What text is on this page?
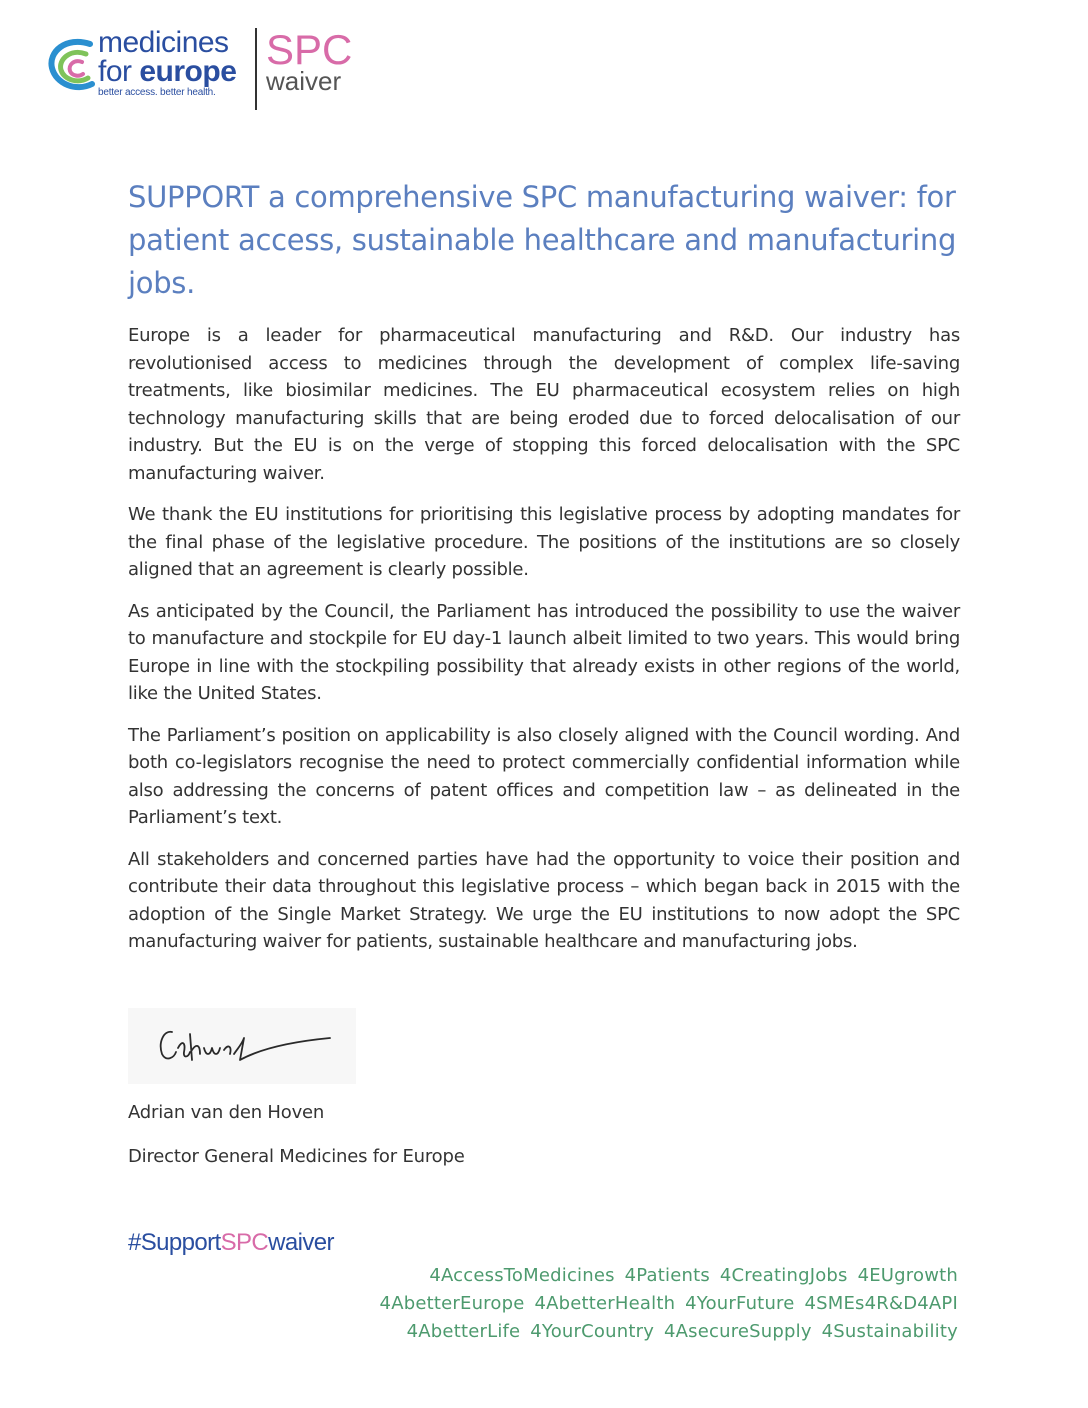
medicines
for europe
better access. better health.
SPC
waiver
SUPPORT a comprehensive SPC manufacturing waiver: for patient access, sustainable healthcare and manufacturing jobs.

Europe is a leader for pharmaceutical manufacturing and R&D. Our industry has revolutionised access to medicines through the development of complex life-saving treatments, like biosimilar medicines. The EU pharmaceutical ecosystem relies on high technology manufacturing skills that are being eroded due to forced delocalisation of our industry. But the EU is on the verge of stopping this forced delocalisation with the SPC manufacturing waiver.

We thank the EU institutions for prioritising this legislative process by adopting mandates for the final phase of the legislative procedure. The positions of the institutions are so closely aligned that an agreement is clearly possible.

As anticipated by the Council, the Parliament has introduced the possibility to use the waiver to manufacture and stockpile for EU day-1 launch albeit limited to two years. This would bring Europe in line with the stockpiling possibility that already exists in other regions of the world, like the United States.

The Parliament’s position on applicability is also closely aligned with the Council wording. And both co-legislators recognise the need to protect commercially confidential information while also addressing the concerns of patent offices and competition law – as delineated in the Parliament’s text.

All stakeholders and concerned parties have had the opportunity to voice their position and contribute their data throughout this legislative process – which began back in 2015 with the adoption of the Single Market Strategy. We urge the EU institutions to now adopt the SPC manufacturing waiver for patients, sustainable healthcare and manufacturing jobs.

Adrian van den Hoven
Director General Medicines for Europe
#SupportSPCwaiver
4AccessToMedicines 4Patients 4CreatingJobs 4EUgrowth
4AbetterEurope 4AbetterHealth 4YourFuture 4SMEs4R&D4API
4AbetterLife 4YourCountry 4AsecureSupply 4Sustainability
